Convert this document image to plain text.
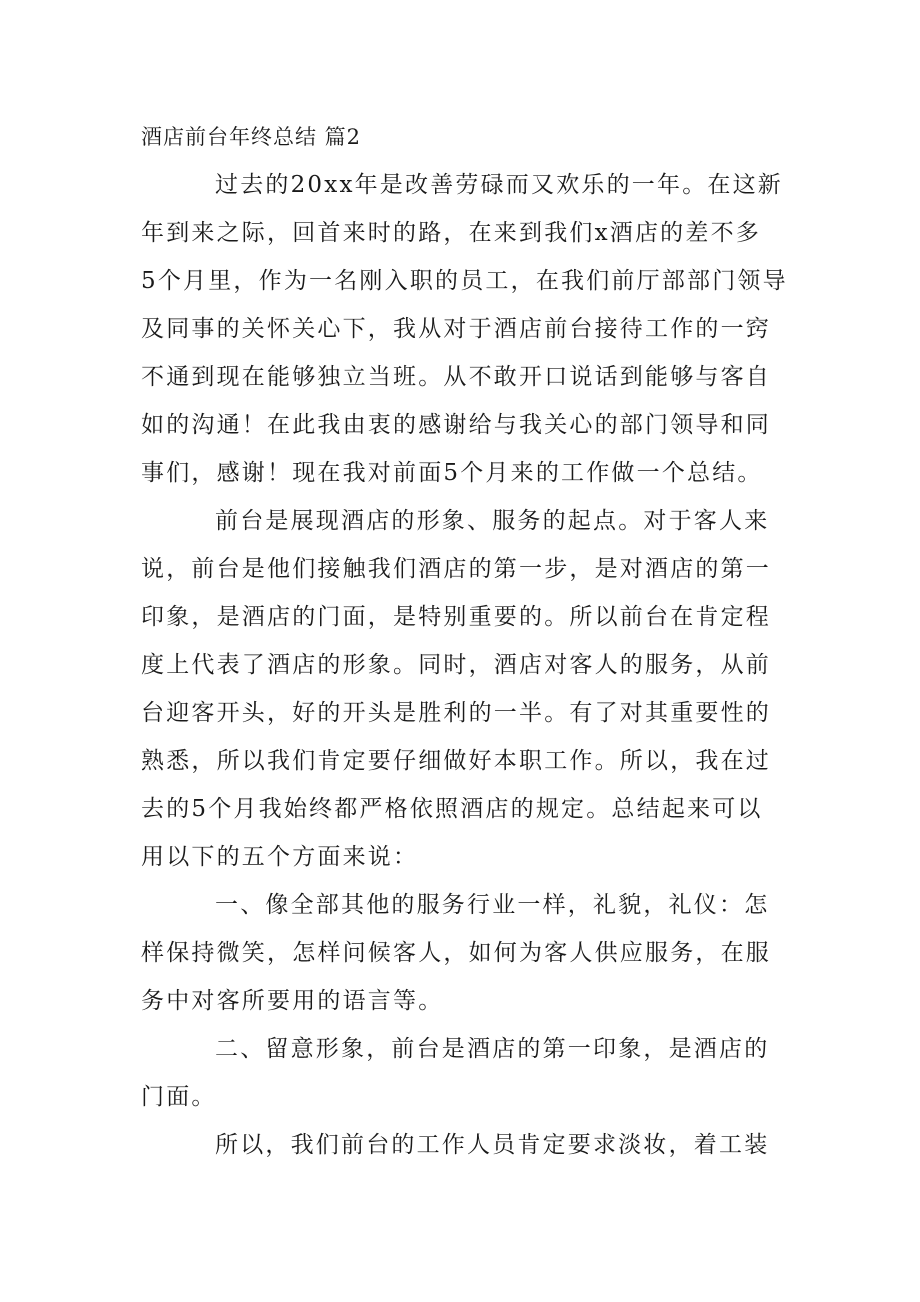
酒店前台年终总结 篇2
过去的20xx年是改善劳碌而又欢乐的一年。在这新
年到来之际，回首来时的路，在来到我们x酒店的差不多
5个月里，作为一名刚入职的员工，在我们前厅部部门领导
及同事的关怀关心下，我从对于酒店前台接待工作的一窍
不通到现在能够独立当班。从不敢开口说话到能够与客自
如的沟通！在此我由衷的感谢给与我关心的部门领导和同
事们，感谢！现在我对前面5个月来的工作做一个总结。
前台是展现酒店的形象、服务的起点。对于客人来
说，前台是他们接触我们酒店的第一步，是对酒店的第一
印象，是酒店的门面，是特别重要的。所以前台在肯定程
度上代表了酒店的形象。同时，酒店对客人的服务，从前
台迎客开头，好的开头是胜利的一半。有了对其重要性的
熟悉，所以我们肯定要仔细做好本职工作。所以，我在过
去的5个月我始终都严格依照酒店的规定。总结起来可以
用以下的五个方面来说：
一、像全部其他的服务行业一样，礼貌，礼仪：怎
样保持微笑，怎样问候客人，如何为客人供应服务，在服
务中对客所要用的语言等。
二、留意形象，前台是酒店的第一印象，是酒店的
门面。
所以，我们前台的工作人员肯定要求淡妆，着工装
